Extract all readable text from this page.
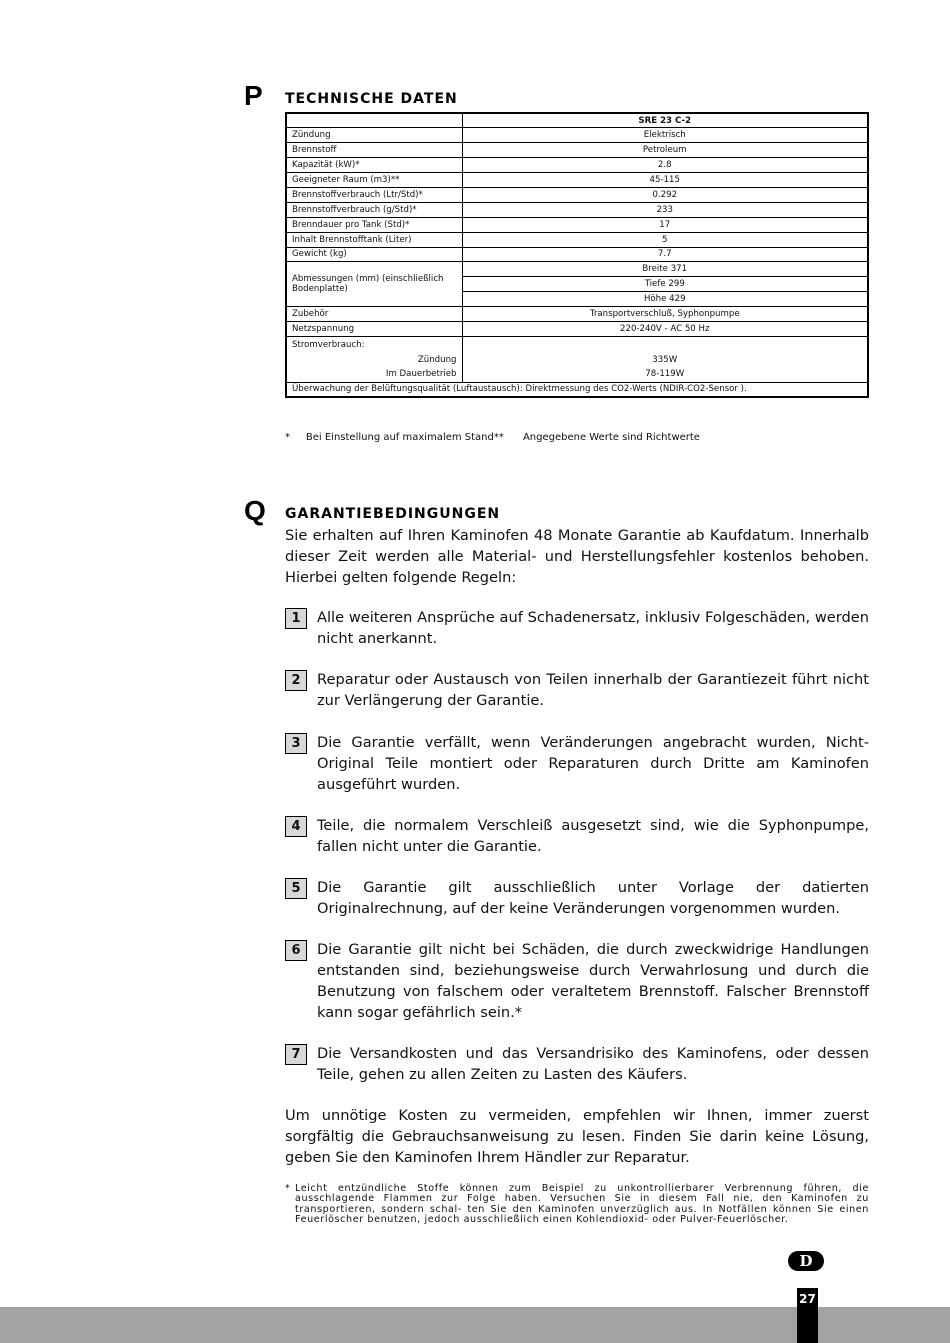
P TECHNISCHE DATEN
	SRE 23 C-2
Zündung	Elektrisch
Brennstoff	Petroleum
Kapazität (kW)*	2.8
Geeigneter Raum (m3)**	45-115
Brennstoffverbrauch (Ltr/Std)*	0.292
Brennstoffverbrauch (g/Std)*	233
Brenndauer pro Tank (Std)*	17
Inhalt Brennstofftank (Liter)	5
Gewicht (kg)	7.7
Abmessungen (mm) (einschließlich Bodenplatte)	Breite 371
	Tiefe 299
	Höhe 429
Zubehör	Transportverschluß, Syphonpumpe
Netzspannung	220-240V - AC 50 Hz
Stromverbrauch:	
Zündung	335W
Im Dauerbetrieb	78-119W
Überwachung der Belüftungsqualität (Luftaustausch): Direktmessung des CO2-Werts (NDIR-CO2-Sensor ).	
*     Bei Einstellung auf maximalem Stand**      Angegebene Werte sind Richtwerte
Q GARANTIEBEDINGUNGEN
Sie erhalten auf Ihren Kaminofen 48 Monate Garantie ab Kaufdatum. Innerhalb dieser Zeit werden alle Material- und Herstellungsfehler kostenlos behoben. Hierbei gelten folgende Regeln:
1	Alle weiteren Ansprüche auf Schadenersatz, inklusiv Folgeschäden, werden nicht anerkannt.
2	Reparatur oder Austausch von Teilen innerhalb der Garantiezeit führt nicht zur Verlängerung der Garantie.
3	Die Garantie verfällt, wenn Veränderungen angebracht wurden, Nicht- Original Teile montiert oder Reparaturen durch Dritte am Kaminofen ausgeführt wurden.
4	Teile, die normalem Verschleiß ausgesetzt sind, wie die Syphonpumpe, fallen nicht unter die Garantie.
5	Die Garantie gilt ausschließlich unter Vorlage der datierten Originalrechnung, auf der keine Veränderungen vorgenommen wurden.
6	Die Garantie gilt nicht bei Schäden, die durch zweckwidrige Handlungen entstanden sind, beziehungsweise durch Verwahrlosung und durch die Benutzung von falschem oder veraltetem Brennstoff. Falscher Brennstoff kann sogar gefährlich sein.*
7	Die Versandkosten und das Versandrisiko des Kaminofens, oder dessen Teile, gehen zu allen Zeiten zu Lasten des Käufers.
Um unnötige Kosten zu vermeiden, empfehlen wir Ihnen, immer zuerst sorgfältig die Gebrauchsanweisung zu lesen. Finden Sie darin keine Lösung, geben Sie den Kaminofen Ihrem Händler zur Reparatur.
* Leicht entzündliche Stoffe können zum Beispiel zu unkontrollierbarer Verbrennung führen, die ausschlagende Flammen zur Folge haben. Versuchen Sie in diesem Fall nie, den Kaminofen zu transportieren, sondern schal- ten Sie den Kaminofen unverzüglich aus. In Notfällen können Sie einen Feuerlöscher benutzen, jedoch ausschließlich einen Kohlendioxid- oder Pulver-Feuerlöscher.
D
27
